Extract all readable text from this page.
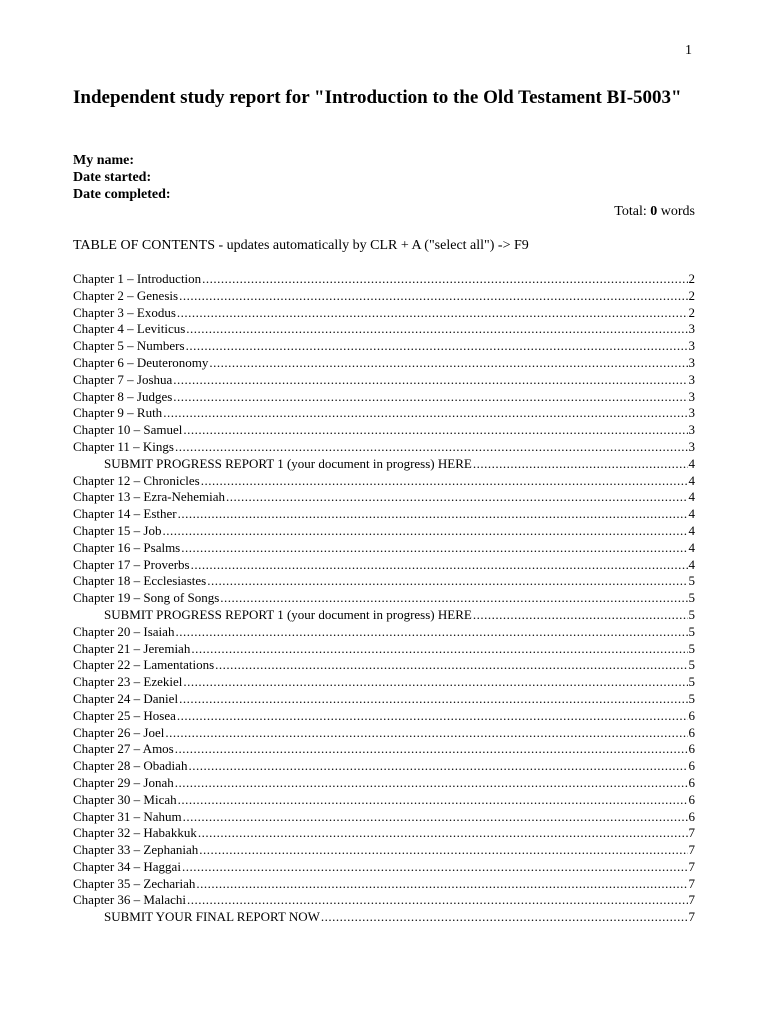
1
Independent study report for "Introduction to the Old Testament BI-5003"
My name:
Date started:
Date completed:
Total: 0 words
TABLE OF CONTENTS - updates automatically by CLR + A ("select all") -> F9
Chapter 1 – Introduction .....	2
Chapter 2 – Genesis .....	2
Chapter 3 – Exodus .....	2
Chapter 4 – Leviticus .....	3
Chapter 5 – Numbers .....	3
Chapter 6 – Deuteronomy .....	3
Chapter 7 – Joshua .....	3
Chapter 8 – Judges .....	3
Chapter 9 – Ruth .....	3
Chapter 10 – Samuel .....	3
Chapter 11 – Kings .....	3
SUBMIT PROGRESS REPORT 1 (your document in progress) HERE .....	4
Chapter 12 – Chronicles .....	4
Chapter 13 – Ezra-Nehemiah .....	4
Chapter 14 – Esther .....	4
Chapter 15 – Job .....	4
Chapter 16 – Psalms .....	4
Chapter 17 – Proverbs .....	4
Chapter 18 – Ecclesiastes .....	5
Chapter 19 – Song of Songs .....	5
SUBMIT PROGRESS REPORT 1 (your document in progress) HERE .....	5
Chapter 20 – Isaiah .....	5
Chapter 21 – Jeremiah .....	5
Chapter 22 – Lamentations .....	5
Chapter 23 – Ezekiel .....	5
Chapter 24 – Daniel .....	5
Chapter 25 – Hosea .....	6
Chapter 26 – Joel .....	6
Chapter 27 – Amos .....	6
Chapter 28 – Obadiah .....	6
Chapter 29 – Jonah .....	6
Chapter 30 – Micah .....	6
Chapter 31 – Nahum .....	6
Chapter 32 – Habakkuk .....	7
Chapter 33 – Zephaniah .....	7
Chapter 34 – Haggai .....	7
Chapter 35 – Zechariah .....	7
Chapter 36 – Malachi .....	7
SUBMIT YOUR FINAL REPORT NOW .....	7
